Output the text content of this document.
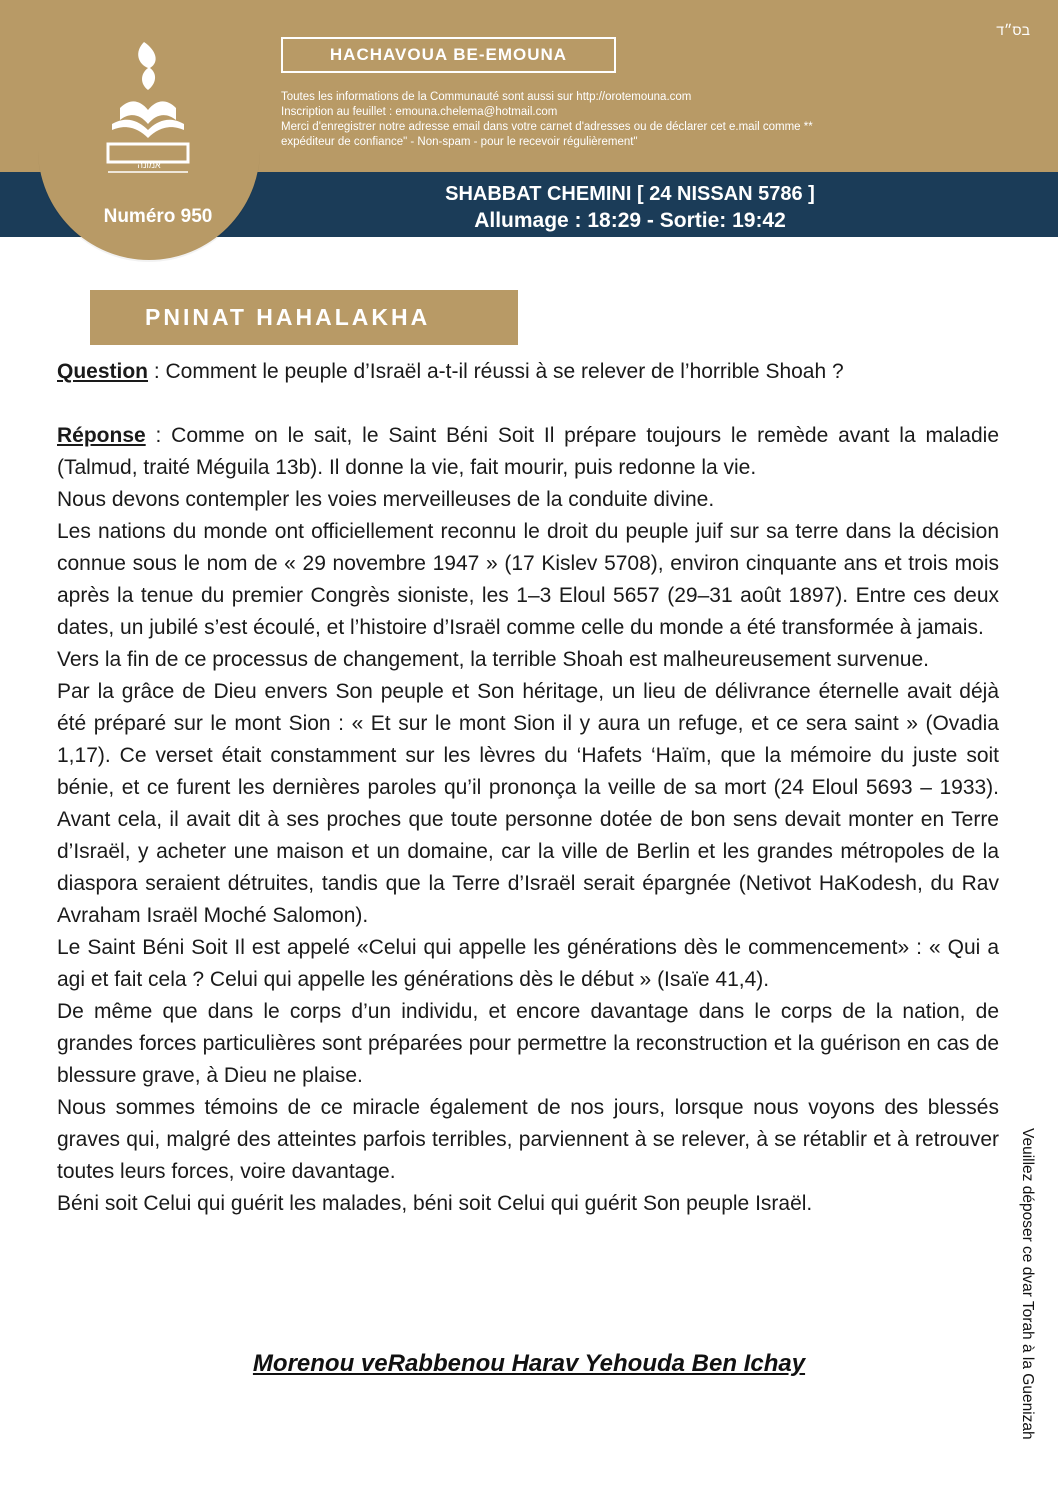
אמונה
Numéro 950
בס״ד
HACHAVOUA BE-EMOUNA
Toutes les informations de la Communauté sont aussi sur http://orotemouna.com
Inscription au feuillet : emouna.chelema@hotmail.com
Merci d'enregistrer notre adresse email dans votre carnet d'adresses ou de déclarer cet e.mail comme **
expéditeur de confiance" - Non-spam - pour le recevoir régulièrement"
SHABBAT CHEMINI [ 24 NISSAN 5786 ]
Allumage : 18:29 - Sortie: 19:42
PNINAT HAHALAKHA

Question : Comment le peuple d’Israël a-t-il réussi à se relever de l’horrible Shoah ?

Réponse : Comme on le sait, le Saint Béni Soit Il prépare toujours le remède avant la maladie (Talmud, traité Méguila 13b). Il donne la vie, fait mourir, puis redonne la vie.

Nous devons contempler les voies merveilleuses de la conduite divine.

Les nations du monde ont officiellement reconnu le droit du peuple juif sur sa terre dans la décision connue sous le nom de « 29 novembre 1947 » (17 Kislev 5708), environ cinquante ans et trois mois après la tenue du premier Congrès sioniste, les 1–3 Eloul 5657 (29–31 août 1897). Entre ces deux dates, un jubilé s’est écoulé, et l’histoire d’Israël comme celle du monde a été transformée à jamais.

Vers la fin de ce processus de changement, la terrible Shoah est malheureusement survenue.

Par la grâce de Dieu envers Son peuple et Son héritage, un lieu de délivrance éternelle avait déjà été préparé sur le mont Sion : « Et sur le mont Sion il y aura un refuge, et ce sera saint » (Ovadia 1,17). Ce verset était constamment sur les lèvres du ‘Hafets ‘Haïm, que la mémoire du juste soit bénie, et ce furent les dernières paroles qu’il prononça la veille de sa mort (24 Eloul 5693 – 1933). Avant cela, il avait dit à ses proches que toute personne dotée de bon sens devait monter en Terre d’Israël, y acheter une maison et un domaine, car la ville de Berlin et les grandes métropoles de la diaspora seraient détruites, tandis que la Terre d’Israël serait épargnée (Netivot HaKodesh, du Rav Avraham Israël Moché Salomon).

Le Saint Béni Soit Il est appelé «Celui qui appelle les générations dès le commencement» : « Qui a agi et fait cela ? Celui qui appelle les générations dès le début » (Isaïe 41,4).

De même que dans le corps d’un individu, et encore davantage dans le corps de la nation, de grandes forces particulières sont préparées pour permettre la reconstruction et la guérison en cas de blessure grave, à Dieu ne plaise.

Nous sommes témoins de ce miracle également de nos jours, lorsque nous voyons des blessés graves qui, malgré des atteintes parfois terribles, parviennent à se relever, à se rétablir et à retrouver toutes leurs forces, voire davantage.

Béni soit Celui qui guérit les malades, béni soit Celui qui guérit Son peuple Israël.

Morenou veRabbenou Harav Yehouda Ben Ichay	Veuillez déposer ce dvar Torah à la Guenizah
